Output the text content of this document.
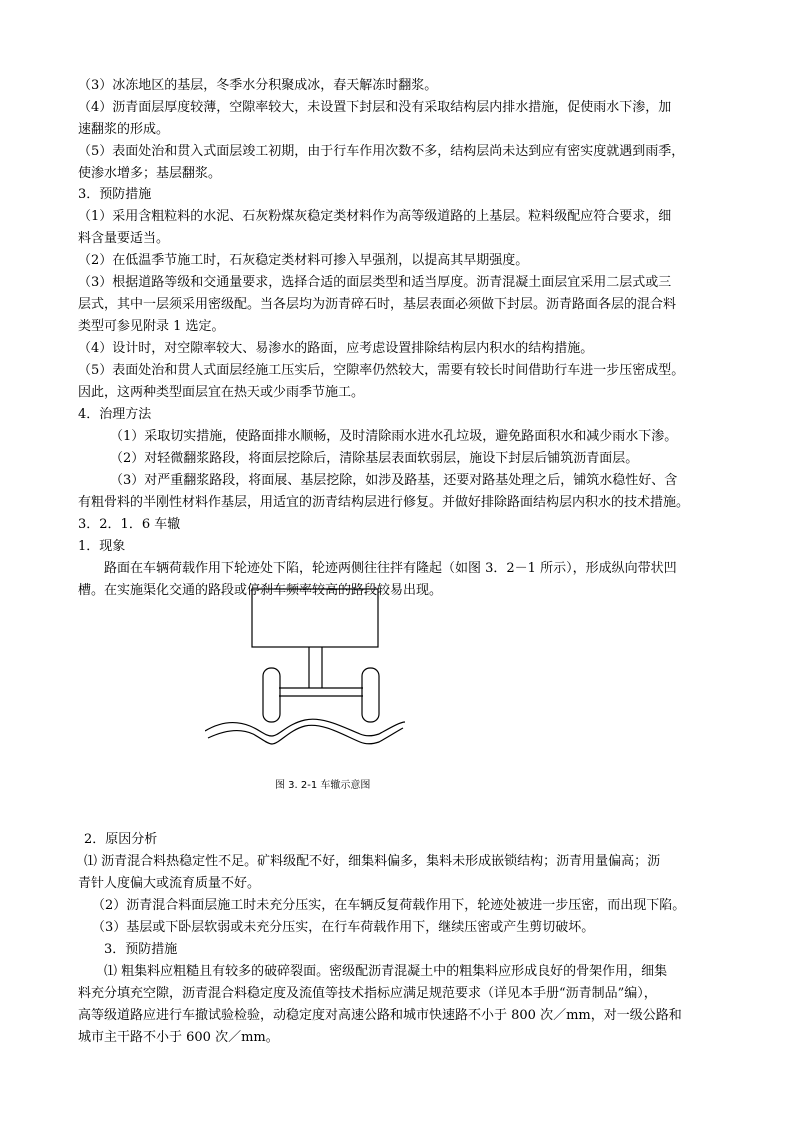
（3）冰冻地区的基层，冬季水分积聚成冰，春天解冻时翻浆。
（4）沥青面层厚度较薄，空隙率较大，未设置下封层和没有采取结构层内排水措施，促使雨水下渗，加
速翻浆的形成。
（5）表面处治和贯入式面层竣工初期，由于行车作用次数不多，结构层尚未达到应有密实度就遇到雨季，
使渗水增多；基层翻浆。
3．预防措施
（1）采用含粗粒料的水泥、石灰粉煤灰稳定类材料作为高等级道路的上基层。粒料级配应符合要求，细
料含量要适当。
（2）在低温季节施工时，石灰稳定类材料可掺入早强剂，以提高其早期强度。
（3）根据道路等级和交通量要求，选择合适的面层类型和适当厚度。沥青混凝土面层宜采用二层式或三
层式，其中一层须采用密级配。当各层均为沥青碎石时，基层表面必须做下封层。沥青路面各层的混合料
类型可参见附录 1 选定。
（4）设计时，对空隙率较大、易渗水的路面，应考虑设置排除结构层内积水的结构措施。
（5）表面处治和贯人式面层经施工压实后，空隙率仍然较大，需要有较长时间借助行车进一步压密成型。
因此，这两种类型面层宜在热天或少雨季节施工。
4．治理方法
（1）采取切实措施，使路面排水顺畅，及时清除雨水进水孔垃圾，避免路面积水和减少雨水下渗。
（2）对轻微翻浆路段，将面层挖除后，清除基层表面软弱层，施设下封层后铺筑沥青面层。
（3）对严重翻浆路段，将面展、基层挖除，如涉及路基，还要对路基处理之后，铺筑水稳性好、含
有粗骨料的半刚性材料作基层，用适宜的沥青结构层进行修复。并做好排除路面结构层内积水的技术措施。
3．2．1．6 车辙
1．现象
路面在车辆荷载作用下轮迹处下陷，轮迹两侧往往拌有隆起（如图 3．2－1 所示），形成纵向带状凹
槽。在实施渠化交通的路段或停刹车频率较高的路段较易出现。
图 3. 2-1 车辙示意图
2．原因分析
⑴ 沥青混合料热稳定性不足。矿料级配不好，细集料偏多，集料未形成嵌锁结构；沥青用量偏高；沥
青针人度偏大或流育质量不好。
（2）沥青混合料面层施工时未充分压实，在车辆反复荷载作用下，轮迹处被进一步压密，而出现下陷。
（3）基层或下卧层软弱或未充分压实，在行车荷载作用下，继续压密或产生剪切破坏。
3．预防措施
⑴ 粗集料应粗糙且有较多的破碎裂面。密级配沥青混凝土中的粗集料应形成良好的骨架作用，细集
料充分填充空隙，沥青混合料稳定度及流值等技术指标应满足规范要求（详见本手册“沥青制品”编），
高等级道路应进行车撤试验检验，动稳定度对高速公路和城市快速路不小于 800 次／mm，对一级公路和
城市主干路不小于 600 次／mm。
